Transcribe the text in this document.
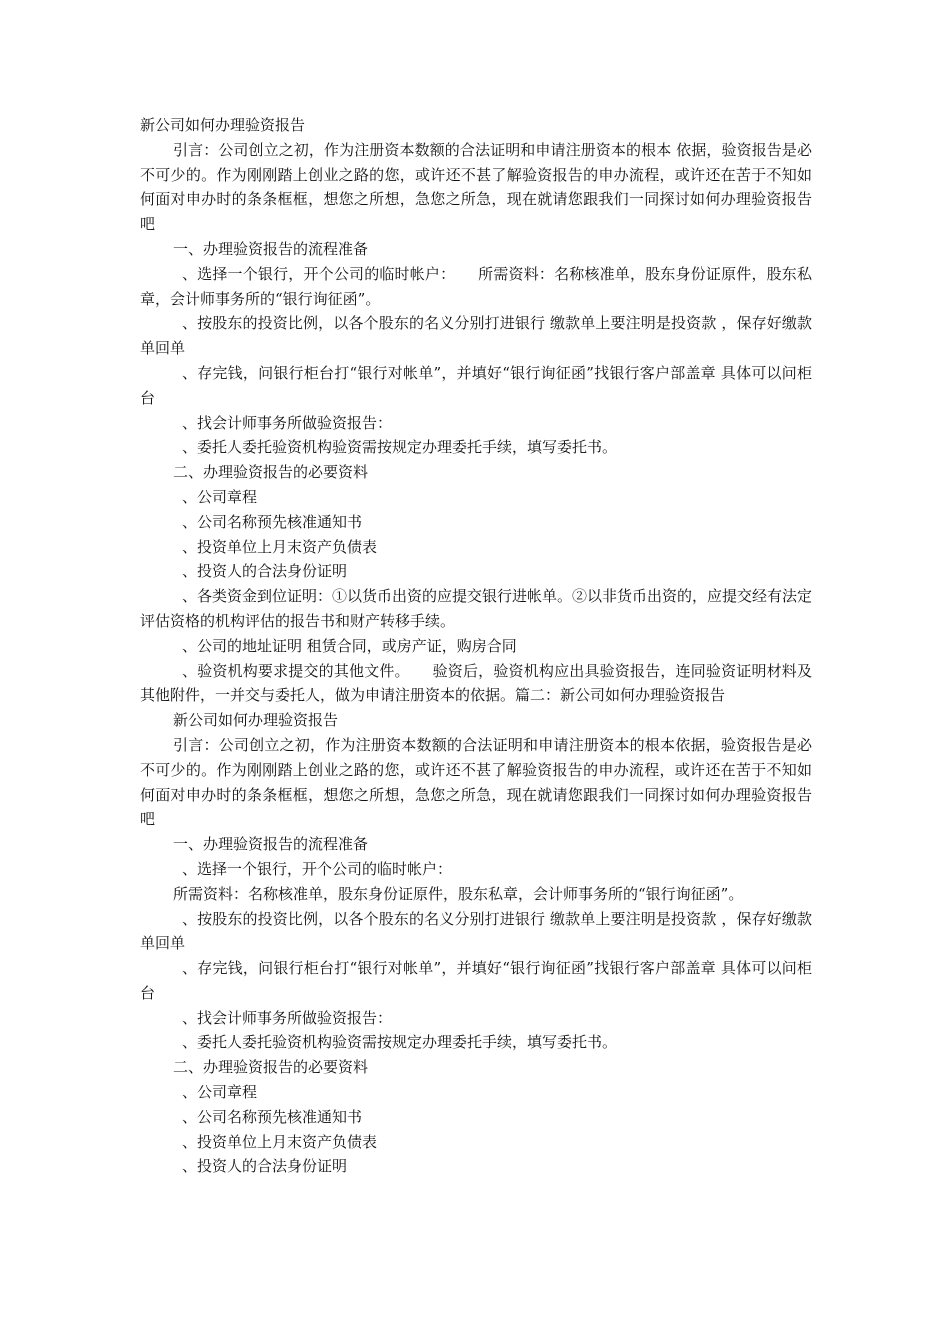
新公司如何办理验资报告

引言：公司创立之初，作为注册资本数额的合法证明和申请注册资本的根本 依据，验资报告是必不可少的。作为刚刚踏上创业之路的您，或许还不甚了解验资报告的申办流程，或许还在苦于不知如何面对申办时的条条框框，想您之所想，急您之所急，现在就请您跟我们一同探讨如何办理验资报告吧

一、办理验资报告的流程准备

、选择一个银行，开个公司的临时帐户：　　所需资料：名称核准单，股东身份证原件，股东私章，会计师事务所的“银行询征函”。

、按股东的投资比例，以各个股东的名义分别打进银行 缴款单上要注明是投资款 ，保存好缴款单回单

、存完钱，问银行柜台打“银行对帐单”，并填好“银行询征函”找银行客户部盖章 具体可以问柜台

、找会计师事务所做验资报告：

、委托人委托验资机构验资需按规定办理委托手续，填写委托书。

二、办理验资报告的必要资料

、公司章程

、公司名称预先核准通知书

、投资单位上月末资产负债表

、投资人的合法身份证明

、各类资金到位证明：①以货币出资的应提交银行进帐单。②以非货币出资的，应提交经有法定评估资格的机构评估的报告书和财产转移手续。

、公司的地址证明 租赁合同，或房产证，购房合同

、验资机构要求提交的其他文件。　　验资后，验资机构应出具验资报告，连同验资证明材料及其他附件，一并交与委托人，做为申请注册资本的依据。篇二：新公司如何办理验资报告

新公司如何办理验资报告

引言：公司创立之初，作为注册资本数额的合法证明和申请注册资本的根本依据，验资报告是必不可少的。作为刚刚踏上创业之路的您，或许还不甚了解验资报告的申办流程，或许还在苦于不知如何面对申办时的条条框框，想您之所想，急您之所急，现在就请您跟我们一同探讨如何办理验资报告吧

一、办理验资报告的流程准备

、选择一个银行，开个公司的临时帐户：

所需资料：名称核准单，股东身份证原件，股东私章，会计师事务所的“银行询征函”。

、按股东的投资比例，以各个股东的名义分别打进银行 缴款单上要注明是投资款 ，保存好缴款单回单

、存完钱，问银行柜台打“银行对帐单”，并填好“银行询征函”找银行客户部盖章 具体可以问柜台

、找会计师事务所做验资报告：

、委托人委托验资机构验资需按规定办理委托手续，填写委托书。

二、办理验资报告的必要资料

、公司章程

、公司名称预先核准通知书

、投资单位上月末资产负债表

、投资人的合法身份证明
